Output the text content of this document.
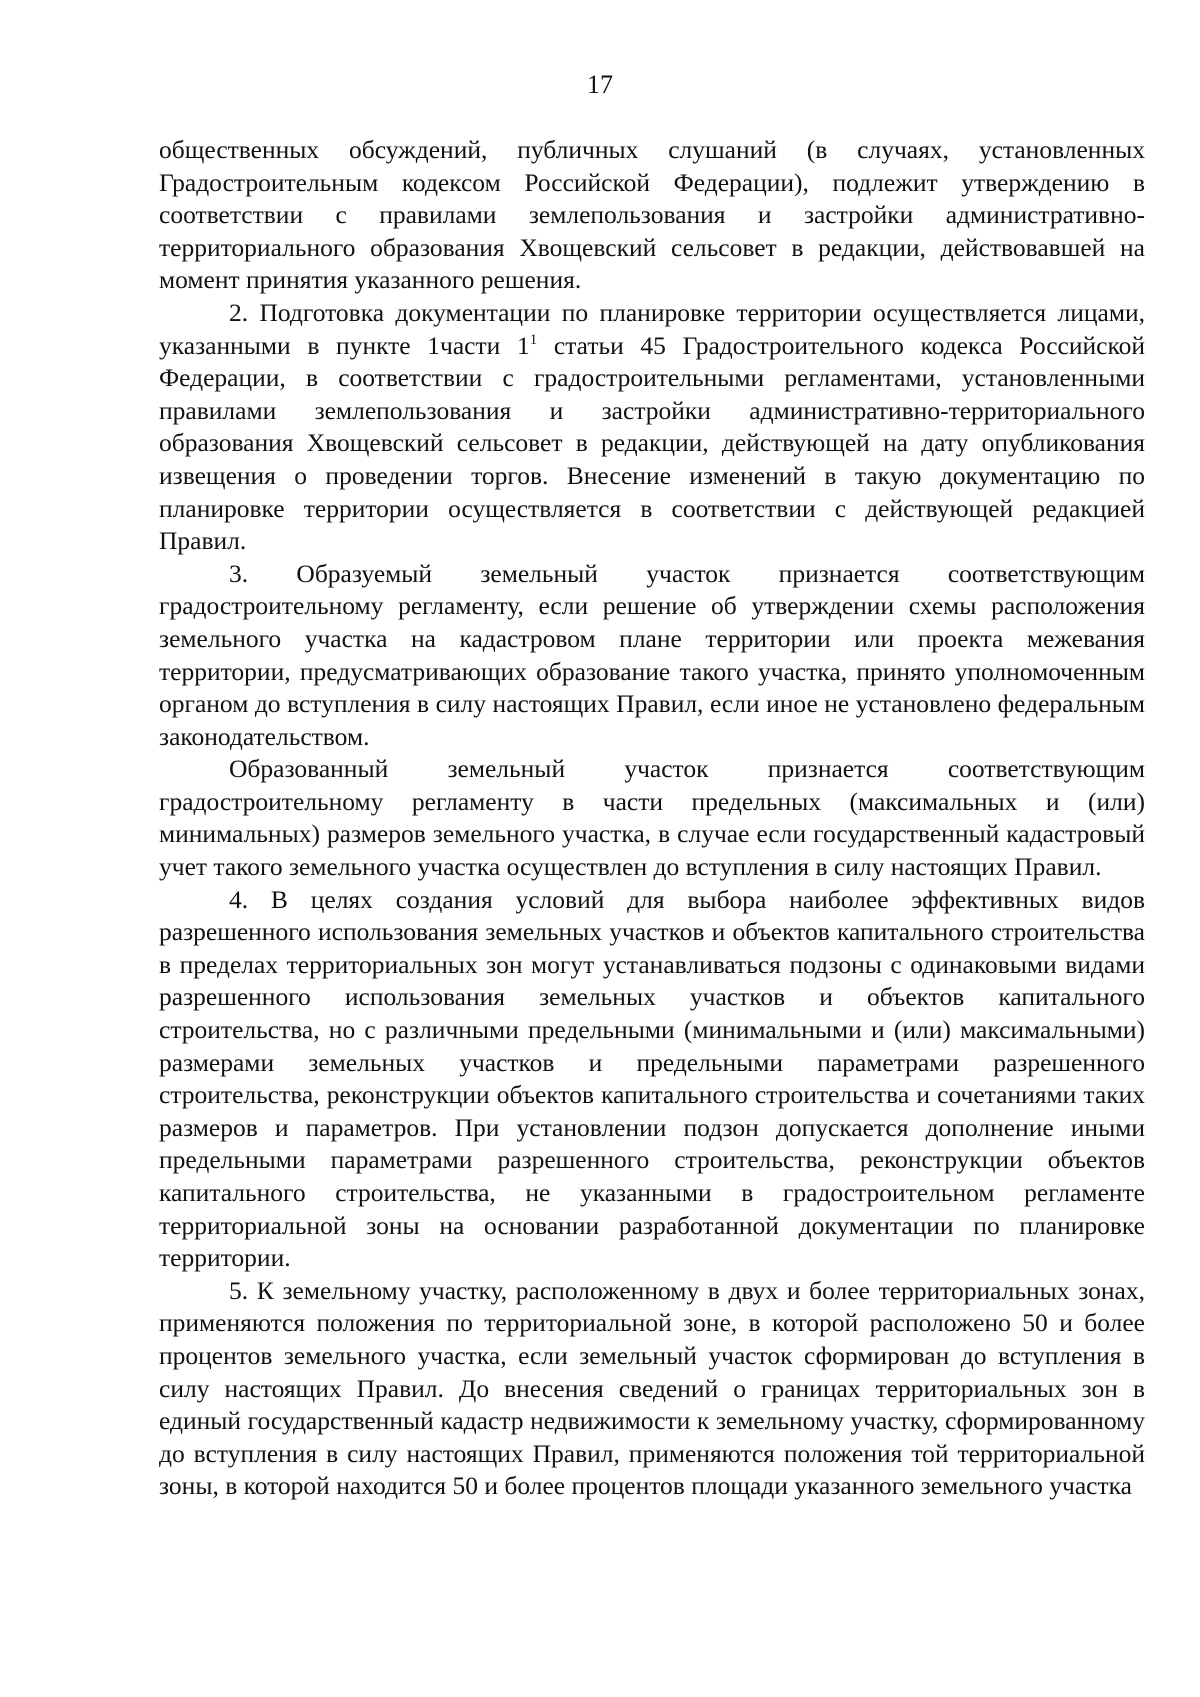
17

общественных обсуждений, публичных слушаний (в случаях, установленных Градостроительным кодексом Российской Федерации), подлежит утверждению в соответствии с правилами землепользования и застройки административно-территориального образования Хвощевский сельсовет в редакции, действовавшей на момент принятия указанного решения.

2. Подготовка документации по планировке территории осуществляется лицами, указанными в пункте 1части $1^1$ статьи 45 Градостроительного кодекса Российской Федерации, в соответствии с градостроительными регламентами, установленными правилами землепользования и застройки административно-территориального образования Хвощевский сельсовет в редакции, действующей на дату опубликования извещения о проведении торгов. Внесение изменений в такую документацию по планировке территории осуществляется в соответствии с действующей редакцией Правил.

3. Образуемый земельный участок признается соответствующим градостроительному регламенту, если решение об утверждении схемы расположения земельного участка на кадастровом плане территории или проекта межевания территории, предусматривающих образование такого участка, принято уполномоченным органом до вступления в силу настоящих Правил, если иное не установлено федеральным законодательством.

Образованный земельный участок признается соответствующим градостроительному регламенту в части предельных (максимальных и (или) минимальных) размеров земельного участка, в случае если государственный кадастровый учет такого земельного участка осуществлен до вступления в силу настоящих Правил.

4. В целях создания условий для выбора наиболее эффективных видов разрешенного использования земельных участков и объектов капитального строительства в пределах территориальных зон могут устанавливаться подзоны с одинаковыми видами разрешенного использования земельных участков и объектов капитального строительства, но с различными предельными (минимальными и (или) максимальными) размерами земельных участков и предельными параметрами разрешенного строительства, реконструкции объектов капитального строительства и сочетаниями таких размеров и параметров. При установлении подзон допускается дополнение иными предельными параметрами разрешенного строительства, реконструкции объектов капитального строительства, не указанными в градостроительном регламенте территориальной зоны на основании разработанной документации по планировке территории.

5. К земельному участку, расположенному в двух и более территориальных зонах, применяются положения по территориальной зоне, в которой расположено 50 и более процентов земельного участка, если земельный участок сформирован до вступления в силу настоящих Правил. До внесения сведений о границах территориальных зон в единый государственный кадастр недвижимости к земельному участку, сформированному до вступления в силу настоящих Правил, применяются положения той территориальной зоны, в которой находится 50 и более процентов площади указанного земельного участка
